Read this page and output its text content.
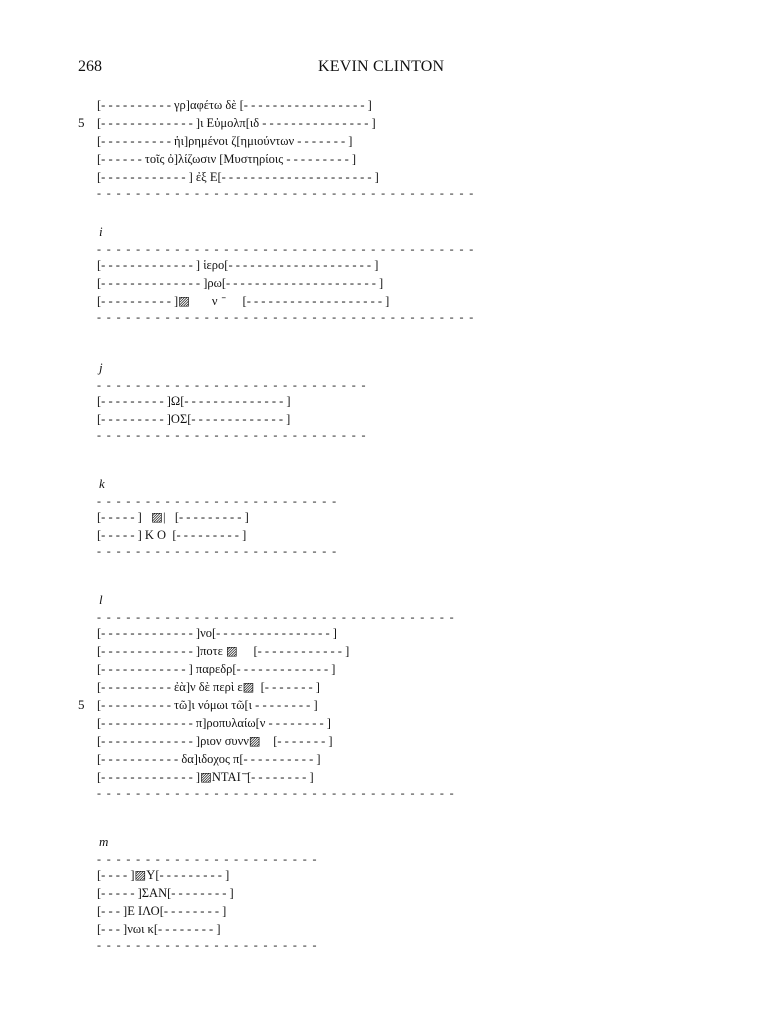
268	KEVIN CLINTON
[- - - - - - - - - - γρ]αφέτω δὲ [- - - - - - - - - - - - - - - - - ]
5 [- - - - - - - - - - - - - ]ι Εὐμολπ[ιδ - - - - - - - - - - - - - - - ]
[- - - - - - - - - - ἡι]ρημένοι ζ[ημιούντων - - - - - - - ]
[- - - - - - τοῖς ὀ]λίζωσιν [Μυστηρίοις - - - - - - - - - ]
[- - - - - - - - - - - - ] ἐξ Ε[- - - - - - - - - - - - - - - - - - - - - ]
- - - - - - - - - - - - - - - - - - - - - - - - - - - - - - - - - - - - - - -
i
- - - - - - - - - - - - - - - - - - - - - - - - - - - - - - - - - - - - - - -
[- - - - - - - - - - - - - ] ἱερο[- - - - - - - - - - - - - - - - - - - - ]
[- - - - - - - - - - - - - - ]ρω[- - - - - - - - - - - - - - - - - - - - - ]
[- - - - - - - - - - ]▨       ν  ̄      [- - - - - - - - - - - - - - - - - - - ]
- - - - - - - - - - - - - - - - - - - - - - - - - - - - - - - - - - - - - - -
j
- - - - - - - - - - - - - - - - - - - - - - - - - - - -
[- - - - - - - - - ]Ω[- - - - - - - - - - - - - - ]
[- - - - - - - - - ]ΟΣ[- - - - - - - - - - - - - ]
- - - - - - - - - - - - - - - - - - - - - - - - - - - -
k
- - - - - - - - - - - - - - - - - - - - - - - - -
[- - - - - ]   ▨|   [- - - - - - - - - ]
[- - - - - ] Κ Ο  [- - - - - - - - - ]
- - - - - - - - - - - - - - - - - - - - - - - - -
l
- - - - - - - - - - - - - - - - - - - - - - - - - - - - - - - - - - - - -
[- - - - - - - - - - - - - ]νο[- - - - - - - - - - - - - - - - ]
[- - - - - - - - - - - - - ]ποτε ▨     [- - - - - - - - - - - - ]
[- - - - - - - - - - - - ] παρεδρ[- - - - - - - - - - - - - ]
[- - - - - - - - - - ἐὰ]ν δὲ περὶ ε▨  [- - - - - - - ]
5 [- - - - - - - - - - τῶ]ι νόμωι τῶ[ι - - - - - - - - ]
[- - - - - - - - - - - - - π]ροπυλαίω[ν - - - - - - - - ]
[- - - - - - - - - - - - - ]ριον συνν▨    [- - - - - - - ]
[- - - - - - - - - - - δα]ιδοχος π[- - - - - - - - - - ]
[- - - - - - - - - - - - - ]▨ΝΤΑΙ ̄ ̄[- - - - - - - - ]
- - - - - - - - - - - - - - - - - - - - - - - - - - - - - - - - - - - - -
m
- - - - - - - - - - - - - - - - - - - - - - -
[- - - - ]▨Υ[- - - - - - - - - ]
[- - - - - ]ΣΑΝ[- - - - - - - - ]
[- - - ]Ε ΙΛΟ[- - - - - - - - ]
[- - - ]νωι κ[- - - - - - - - ]
- - - - - - - - - - - - - - - - - - - - - - -
